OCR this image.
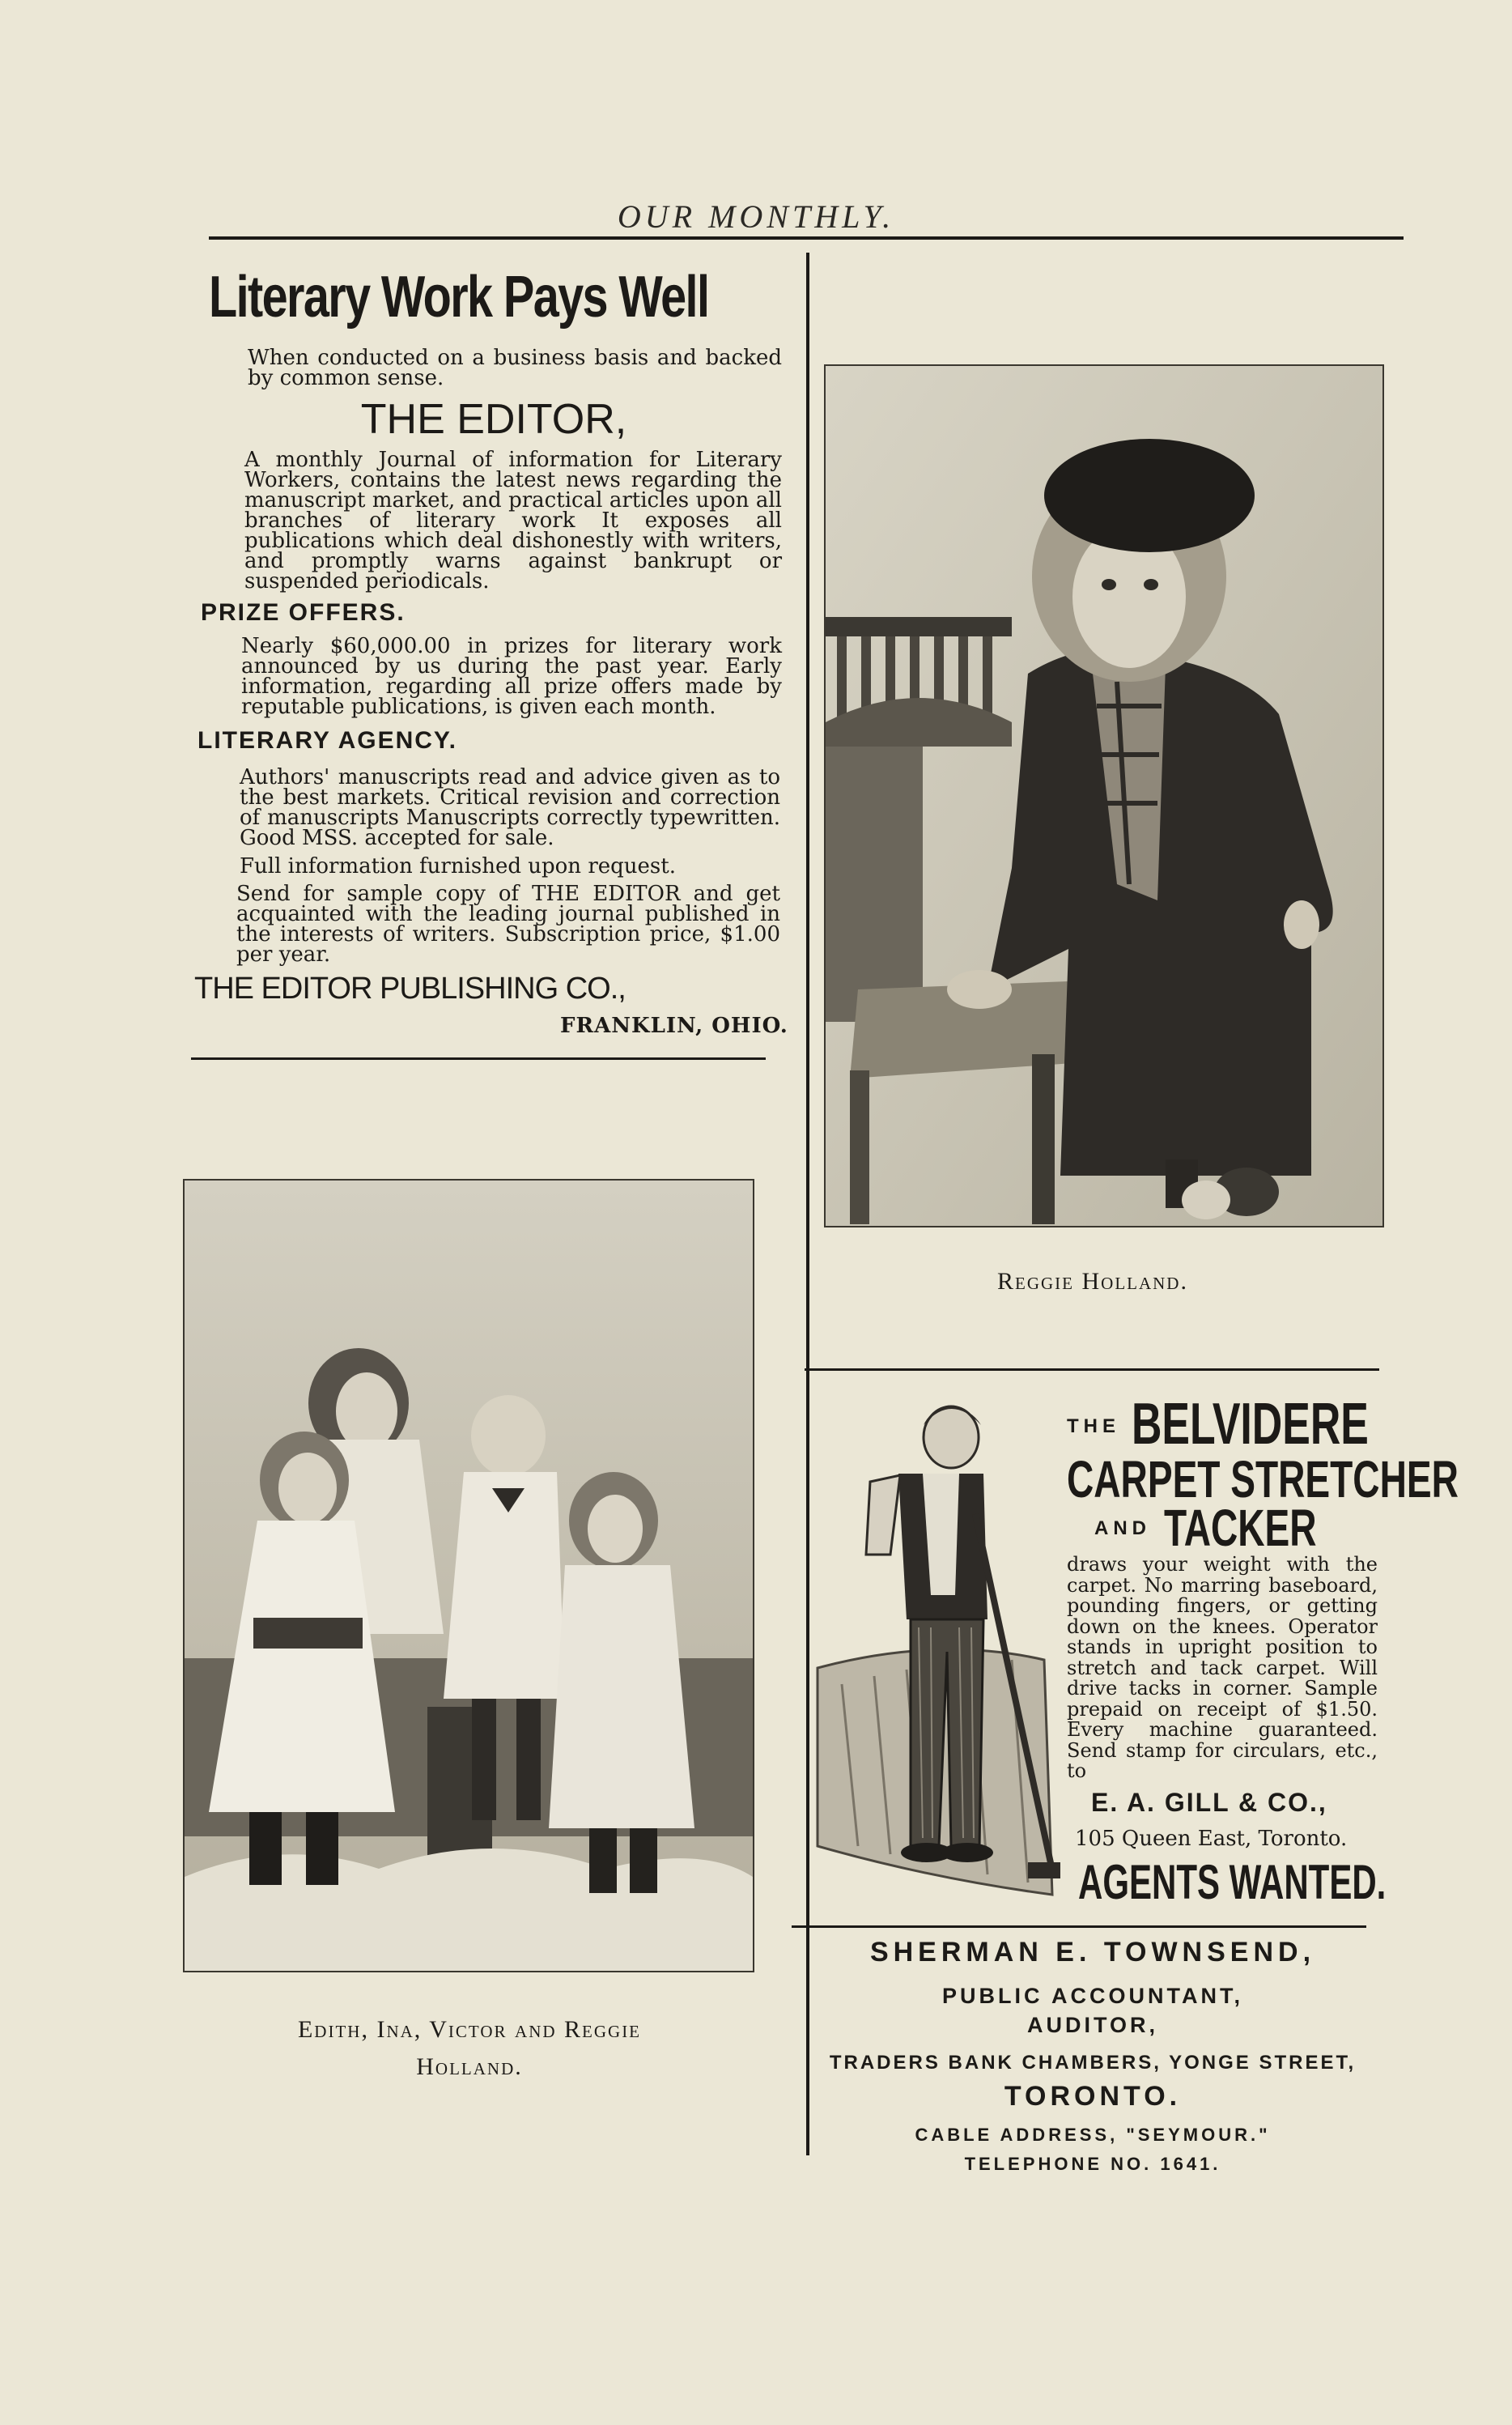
OUR MONTHLY.
Literary Work Pays Well
When conducted on a business basis and backed by common sense.
THE EDITOR,
A monthly Journal of information for Literary Workers, contains the latest news regarding the manuscript market, and practical articles upon all branches of literary work It exposes all publications which deal dishonestly with writers, and promptly warns against bankrupt or suspended periodicals.
PRIZE OFFERS.
Nearly $60,000.00 in prizes for literary work announced by us during the past year. Early information, regarding all prize offers made by reputable publications, is given each month.
LITERARY AGENCY.
Authors' manuscripts read and advice given as to the best markets. Critical revision and correction of manuscripts Manuscripts correctly typewritten. Good MSS. accepted for sale.
Full information furnished upon request.
Send for sample copy of THE EDITOR and get acquainted with the leading journal published in the interests of writers. Subscription price, $1.00 per year.
THE EDITOR PUBLISHING CO.,
FRANKLIN, OHIO.
Reggie Holland.
Edith, Ina, Victor and Reggie
Holland.
THE BELVIDERE
CARPET STRETCHER
AND TACKER
draws your weight with the carpet. No marring baseboard, pounding fingers, or getting down on the knees. Operator stands in upright position to stretch and tack carpet. Will drive tacks in corner. Sample prepaid on receipt of $1.50. Every machine guaranteed. Send stamp for circulars, etc., to
E. A. GILL & CO.,
105 Queen East, Toronto.
AGENTS WANTED.
SHERMAN E. TOWNSEND,
PUBLIC ACCOUNTANT,
AUDITOR,
TRADERS BANK CHAMBERS, YONGE STREET,
TORONTO.
CABLE ADDRESS, "SEYMOUR."
TELEPHONE NO. 1641.
